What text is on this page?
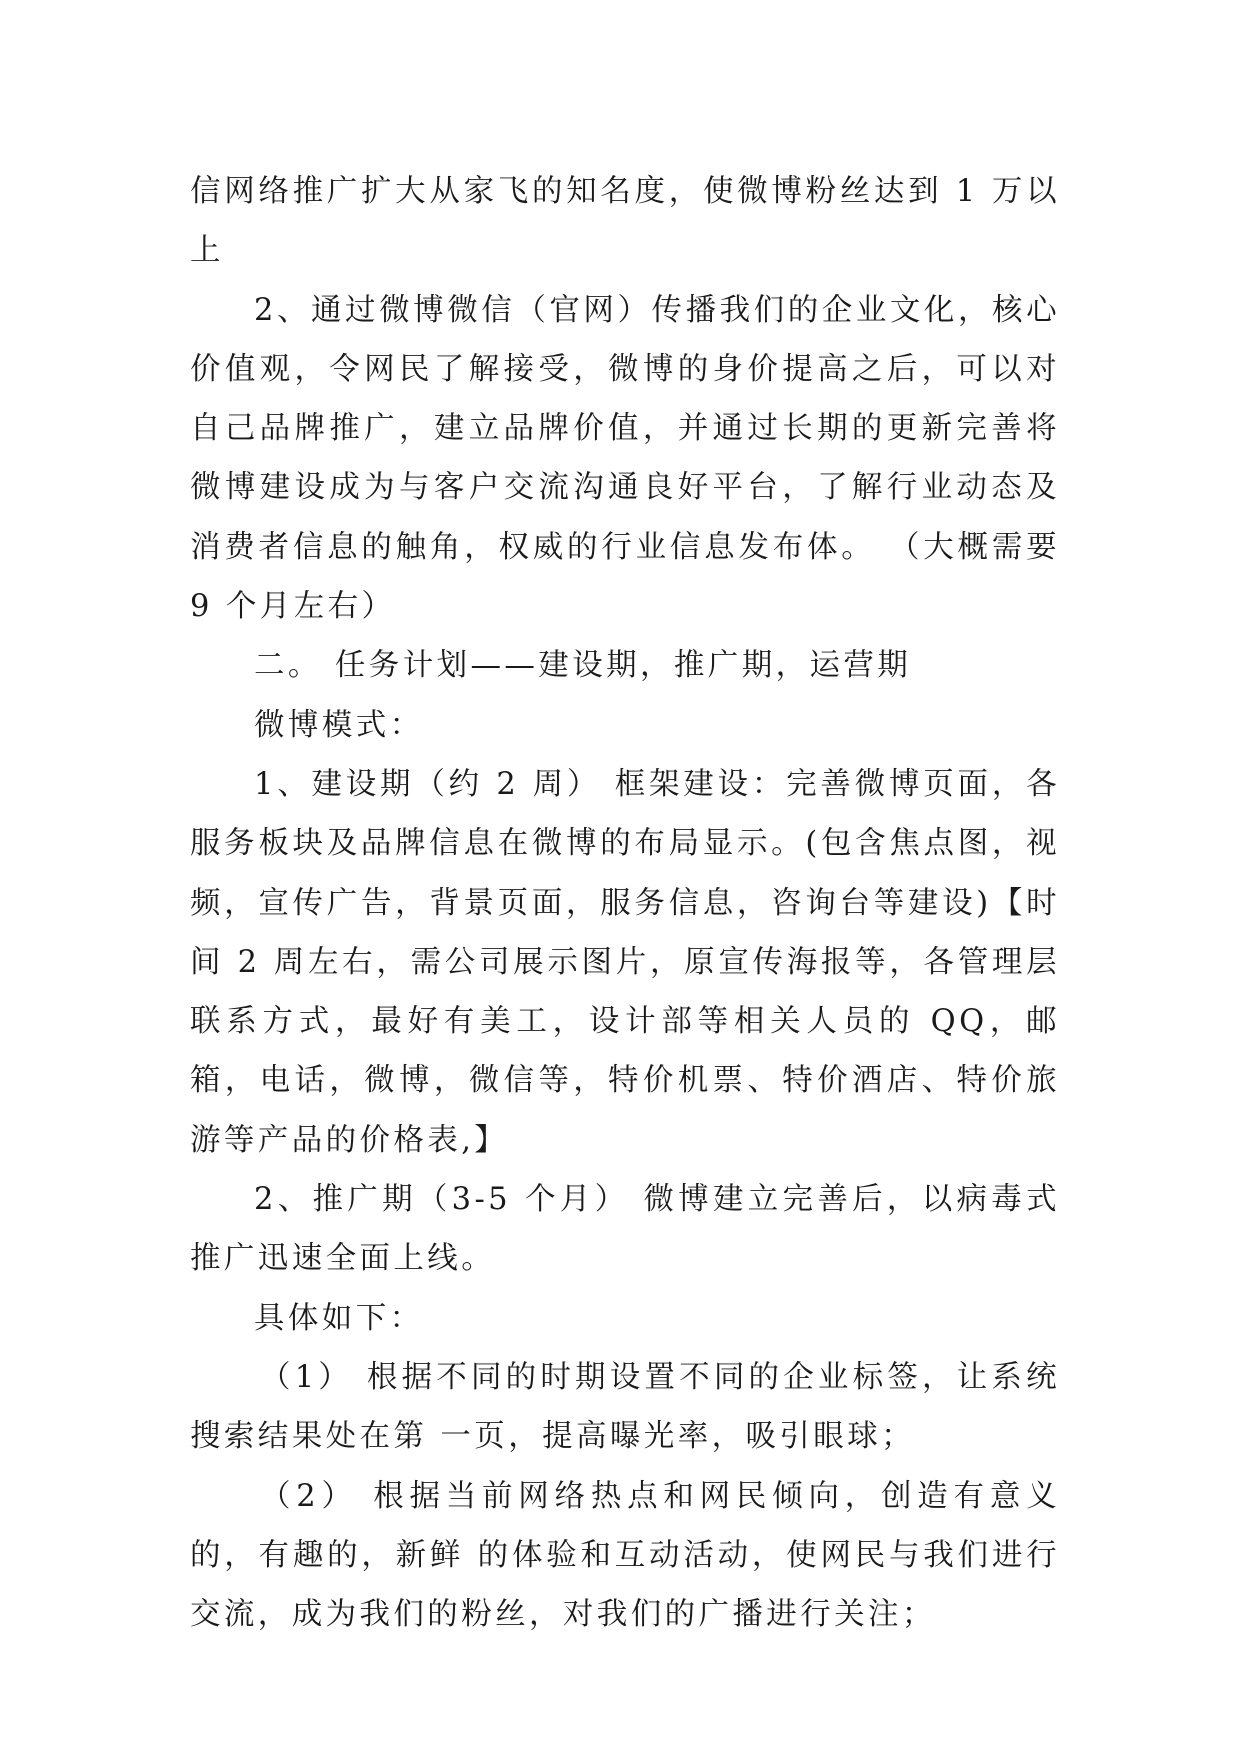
信网络推广扩大从家飞的知名度，使微博粉丝达到 1 万以上

2、通过微博微信（官网）传播我们的企业文化，核心价值观，令网民了解接受，微博的身价提高之后，可以对自己品牌推广，建立品牌价值，并通过长期的更新完善将微博建设成为与客户交流沟通良好平台，了解行业动态及消费者信息的触角，权威的行业信息发布体。 （大概需要 9 个月左右）

二。 任务计划——建设期，推广期，运营期

微博模式：

1、建设期（约 2 周） 框架建设：完善微博页面，各服务板块及品牌信息在微博的布局显示。(包含焦点图，视频，宣传广告，背景页面，服务信息，咨询台等建设)【时间 2 周左右，需公司展示图片，原宣传海报等，各管理层联系方式，最好有美工，设计部等相关人员的 QQ，邮箱，电话，微博，微信等，特价机票、特价酒店、特价旅游等产品的价格表,】

2、推广期（3-5 个月） 微博建立完善后，以病毒式推广迅速全面上线。

具体如下：

（1） 根据不同的时期设置不同的企业标签，让系统搜索结果处在第 一页，提高曝光率，吸引眼球；

（2） 根据当前网络热点和网民倾向，创造有意义的，有趣的，新鲜 的体验和互动活动，使网民与我们进行交流，成为我们的粉丝，对我们的广播进行关注；
